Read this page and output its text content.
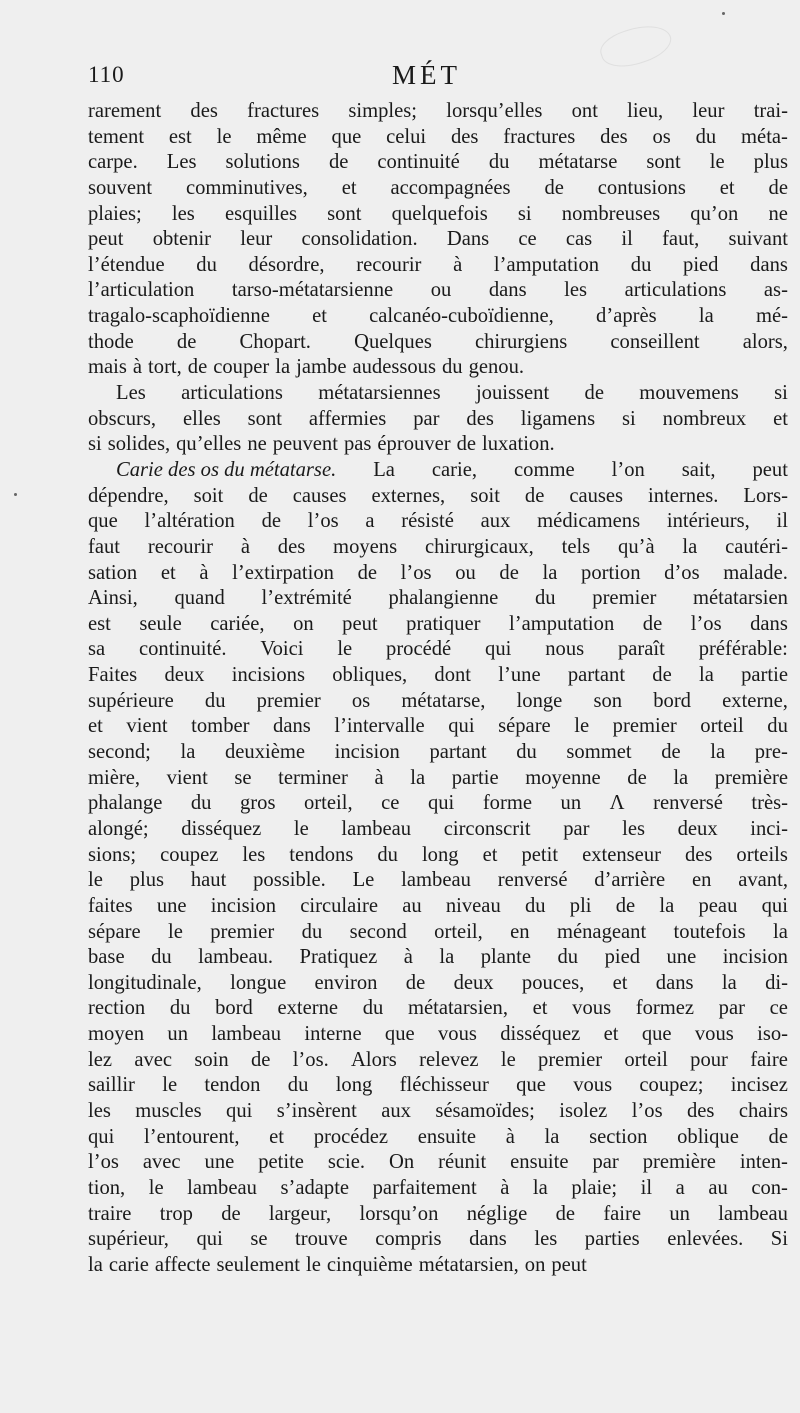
110	MÉT
rarement des fractures simples; lorsqu’elles ont lieu, leur trai-
tement est le même que celui des fractures des os du méta-
carpe. Les solutions de continuité du métatarse sont le plus
souvent comminutives, et accompagnées de contusions et de
plaies; les esquilles sont quelquefois si nombreuses qu’on ne
peut obtenir leur consolidation. Dans ce cas il faut, suivant
l’étendue du désordre, recourir à l’amputation du pied dans
l’articulation tarso-métatarsienne ou dans les articulations as-
tragalo-scaphoïdienne et calcanéo-cuboïdienne, d’après la mé-
thode de Chopart. Quelques chirurgiens conseillent alors,
mais à tort, de couper la jambe audessous du genou.
Les articulations métatarsiennes jouissent de mouvemens si
obscurs, elles sont affermies par des ligamens si nombreux et
si solides, qu’elles ne peuvent pas éprouver de luxation.
Carie des os du métatarse. La carie, comme l’on sait, peut
dépendre, soit de causes externes, soit de causes internes. Lors-
que l’altération de l’os a résisté aux médicamens intérieurs, il
faut recourir à des moyens chirurgicaux, tels qu’à la cautéri-
sation et à l’extirpation de l’os ou de la portion d’os malade.
Ainsi, quand l’extrémité phalangienne du premier métatarsien
est seule cariée, on peut pratiquer l’amputation de l’os dans
sa continuité. Voici le procédé qui nous paraît préférable:
Faites deux incisions obliques, dont l’une partant de la partie
supérieure du premier os métatarse, longe son bord externe,
et vient tomber dans l’intervalle qui sépare le premier orteil du
second; la deuxième incision partant du sommet de la pre-
mière, vient se terminer à la partie moyenne de la première
phalange du gros orteil, ce qui forme un Λ renversé très-
alongé; disséquez le lambeau circonscrit par les deux inci-
sions; coupez les tendons du long et petit extenseur des orteils
le plus haut possible. Le lambeau renversé d’arrière en avant,
faites une incision circulaire au niveau du pli de la peau qui
sépare le premier du second orteil, en ménageant toutefois la
base du lambeau. Pratiquez à la plante du pied une incision
longitudinale, longue environ de deux pouces, et dans la di-
rection du bord externe du métatarsien, et vous formez par ce
moyen un lambeau interne que vous disséquez et que vous iso-
lez avec soin de l’os. Alors relevez le premier orteil pour faire
saillir le tendon du long fléchisseur que vous coupez; incisez
les muscles qui s’insèrent aux sésamoïdes; isolez l’os des chairs
qui l’entourent, et procédez ensuite à la section oblique de
l’os avec une petite scie. On réunit ensuite par première inten-
tion, le lambeau s’adapte parfaitement à la plaie; il a au con-
traire trop de largeur, lorsqu’on néglige de faire un lambeau
supérieur, qui se trouve compris dans les parties enlevées. Si
la carie affecte seulement le cinquième métatarsien, on peut
